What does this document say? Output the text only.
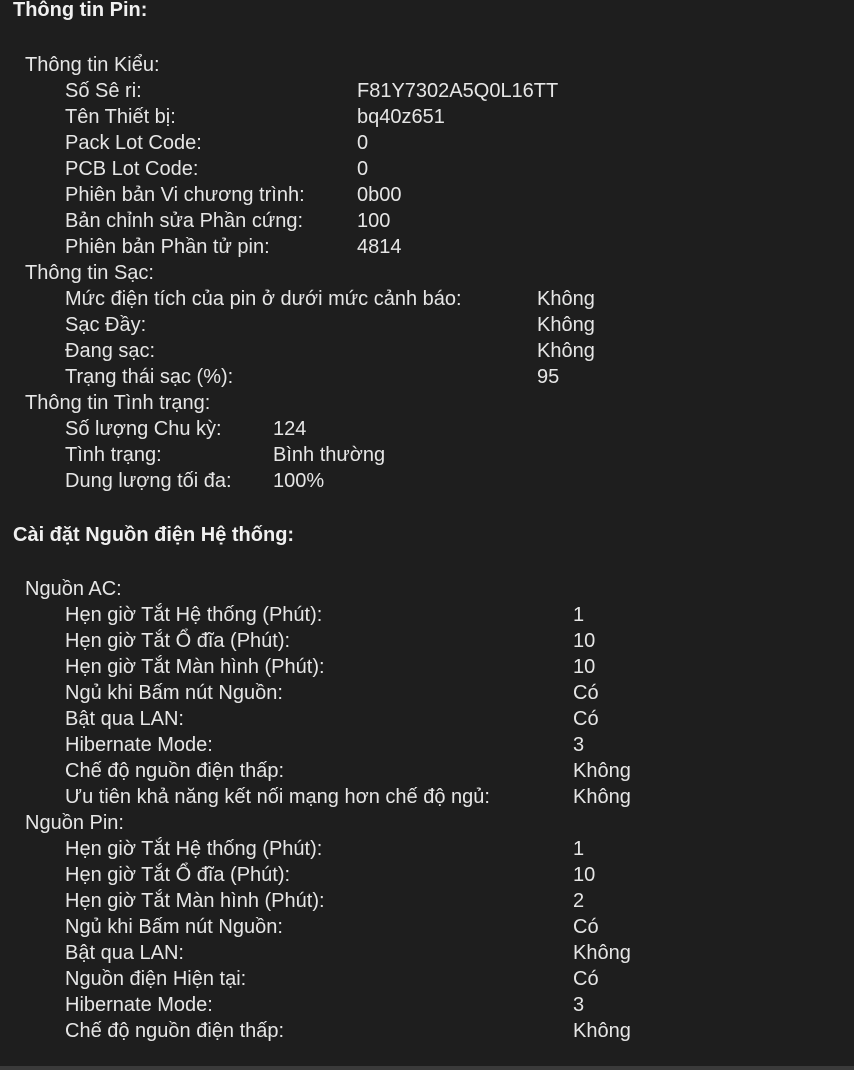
Thông tin Pin:
Thông tin Kiểu:
Số Sê ri:	F81Y7302A5Q0L16TT
Tên Thiết bị:	bq40z651
Pack Lot Code:	0
PCB Lot Code:	0
Phiên bản Vi chương trình:	0b00
Bản chỉnh sửa Phần cứng:	100
Phiên bản Phần tử pin:	4814
Thông tin Sạc:
Mức điện tích của pin ở dưới mức cảnh báo:	Không
Sạc Đầy:	Không
Đang sạc:	Không
Trạng thái sạc (%):	95
Thông tin Tình trạng:
Số lượng Chu kỳ:	124
Tình trạng:	Bình thường
Dung lượng tối đa: 100%
Cài đặt Nguồn điện Hệ thống:
Nguồn AC:
Hẹn giờ Tắt Hệ thống (Phút):	1
Hẹn giờ Tắt Ổ đĩa (Phút):	10
Hẹn giờ Tắt Màn hình (Phút):	10
Ngủ khi Bấm nút Nguồn:	Có
Bật qua LAN:	Có
Hibernate Mode:	3
Chế độ nguồn điện thấp:	Không
Ưu tiên khả năng kết nối mạng hơn chế độ ngủ:	Không
Nguồn Pin:
Hẹn giờ Tắt Hệ thống (Phút):	1
Hẹn giờ Tắt Ổ đĩa (Phút):	10
Hẹn giờ Tắt Màn hình (Phút):	2
Ngủ khi Bấm nút Nguồn:	Có
Bật qua LAN:	Không
Nguồn điện Hiện tại:	Có
Hibernate Mode:	3
Chế độ nguồn điện thấp:	Không
